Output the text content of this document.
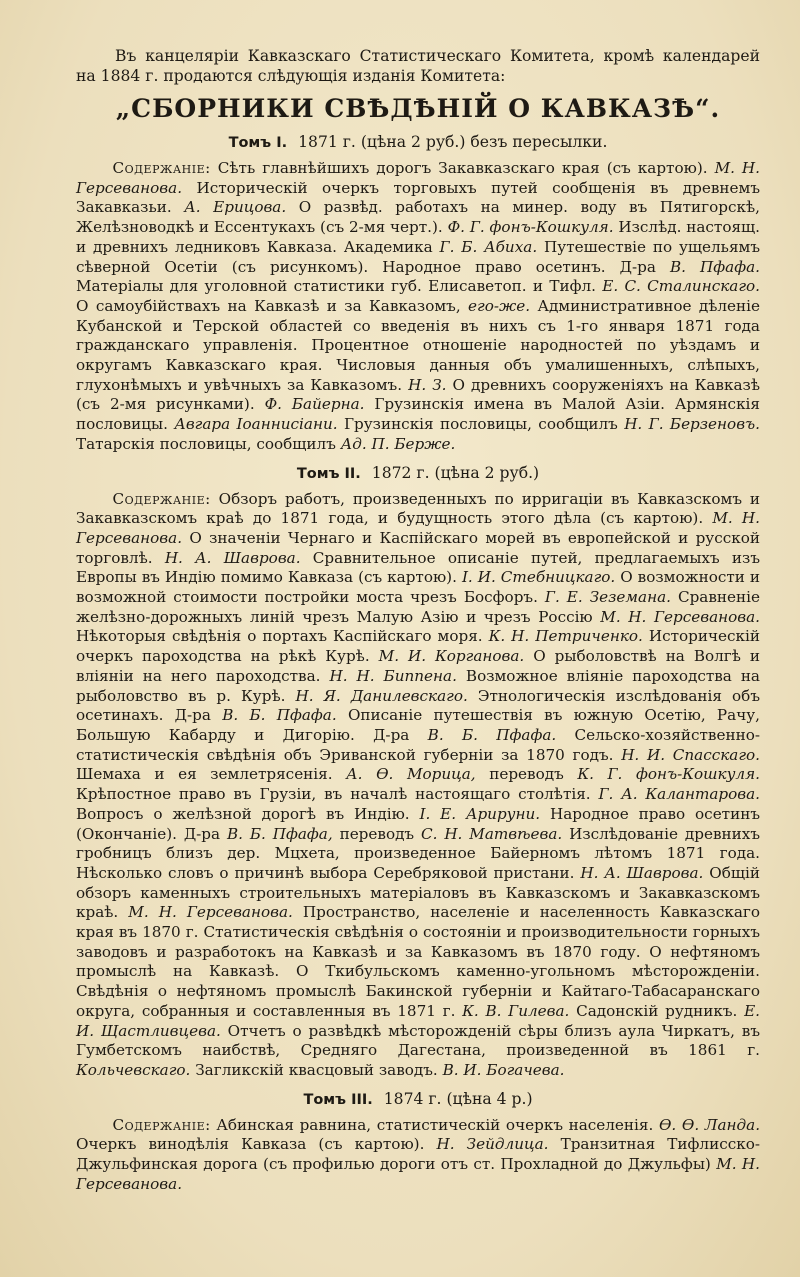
Въ канцеляріи Кавказскаго Статистическаго Комитета, кромѣ календарей на 1884 г. продаются слѣдующія изданія Комитета:

„СБОРНИКИ СВѢДѢНІЙ О КАВКАЗѢ“.
Томъ I. 1871 г. (цѣна 2 руб.) безъ пересылки.

Содержаніе: Сѣть главнѣйшихъ дорогъ Закавказскаго края (съ картою). М. Н. Герсеванова. Историческій очеркъ торговыхъ путей сообщенія въ древнемъ Закавказьи. А. Ерицова. О развѣд. работахъ на минер. воду въ Пятигорскѣ, Желѣзноводкѣ и Ессентукахъ (съ 2-мя черт.). Ф. Г. фонъ-Кошкуля. Изслѣд. настоящ. и древнихъ ледниковъ Кавказа. Академика Г. Б. Абиха. Путешествіе по ущельямъ сѣверной Осетіи (съ рисункомъ). Народное право осетинъ. Д-ра В. Пфафа. Матеріалы для уголовной статистики губ. Елисаветоп. и Тифл. Е. С. Сталинскаго. О самоубійствахъ на Кавказѣ и за Кавказомъ, его-же. Административное дѣленіе Кубанской и Терской областей со введенія въ нихъ съ 1-го января 1871 года гражданскаго управленія. Процентное отношеніе народностей по уѣздамъ и округамъ Кавказскаго края. Числовыя данныя объ умалишенныхъ, слѣпыхъ, глухонѣмыхъ и увѣчныхъ за Кавказомъ. Н. З. О древнихъ сооруженіяхъ на Кавказѣ (съ 2-мя рисунками). Ф. Байерна. Грузинскія имена въ Малой Азіи. Армянскія пословицы. Авгара Іоаннисіани. Грузинскія пословицы, сообщилъ Н. Г. Берзеновъ. Татарскія пословицы, сообщилъ Ад. П. Берже.

Томъ II. 1872 г. (цѣна 2 руб.)

Содержаніе: Обзоръ работъ, произведенныхъ по ирригаціи въ Кавказскомъ и Закавказскомъ краѣ до 1871 года, и будущность этого дѣла (съ картою). М. Н. Герсеванова. О значеніи Чернаго и Каспійскаго морей въ европейской и русской торговлѣ. Н. А. Шаврова. Сравнительное описаніе путей, предлагаемыхъ изъ Европы въ Индію помимо Кавказа (съ картою). І. И. Стебницкаго. О возможности и возможной стоимости постройки моста чрезъ Босфоръ. Г. Е. Зеземана. Сравненіе желѣзно-дорожныхъ линій чрезъ Малую Азію и чрезъ Россію М. Н. Герсеванова. Нѣкоторыя свѣдѣнія о портахъ Каспійскаго моря. К. Н. Петриченко. Историческій очеркъ пароходства на рѣкѣ Курѣ. М. И. Корганова. О рыболовствѣ на Волгѣ и вліяніи на него пароходства. Н. Н. Биппена. Возможное вліяніе пароходства на рыболовство въ р. Курѣ. Н. Я. Данилевскаго. Этнологическія изслѣдованія объ осетинахъ. Д-ра В. Б. Пфафа. Описаніе путешествія въ южную Осетію, Рачу, Большую Кабарду и Дигорію. Д-ра В. Б. Пфафа. Сельско-хозяйственно-статистическія свѣдѣнія объ Эриванской губерніи за 1870 годъ. Н. И. Спасскаго. Шемаха и ея землетрясенія. А. Ѳ. Морица, переводъ К. Г. фонъ-Кошкуля. Крѣпостное право въ Грузіи, въ началѣ настоящаго столѣтія. Г. А. Калантарова. Вопросъ о желѣзной дорогѣ въ Индію. І. Е. Арируни. Народное право осетинъ (Окончаніе). Д-ра В. Б. Пфафа, переводъ С. Н. Матвѣева. Изслѣдованіе древнихъ гробницъ близъ дер. Мцхета, произведенное Байерномъ лѣтомъ 1871 года. Нѣсколько словъ о причинѣ выбора Серебряковой пристани. Н. А. Шаврова. Общій обзоръ каменныхъ строительныхъ матеріаловъ въ Кавказскомъ и Закавказскомъ краѣ. М. Н. Герсеванова. Пространство, населеніе и населенность Кавказскаго края въ 1870 г. Статистическія свѣдѣнія о состояніи и производительности горныхъ заводовъ и разработокъ на Кавказѣ и за Кавказомъ въ 1870 году. О нефтяномъ промыслѣ на Кавказѣ. О Ткибульскомъ каменно-угольномъ мѣсторожденіи. Свѣдѣнія о нефтяномъ промыслѣ Бакинской губерніи и Кайтаго-Табасаранскаго округа, собранныя и составленныя въ 1871 г. К. В. Гилева. Садонскій рудникъ. Е. И. Щастливцева. Отчетъ о развѣдкѣ мѣсторожденій сѣры близъ аула Чиркатъ, въ Гумбетскомъ наибствѣ, Средняго Дагестана, произведенной въ 1861 г. Кольчевскаго. Загликскій квасцовый заводъ. В. И. Богачева.

Томъ III. 1874 г. (цѣна 4 р.)

Содержаніе: Абинская равнина, статистическій очеркъ населенія. Ѳ. Ѳ. Ланда. Очеркъ винодѣлія Кавказа (съ картою). Н. Зейдлица. Транзитная Тифлисско-Джульфинская дорога (съ профилью дороги отъ ст. Прохладной до Джульфы) М. Н. Герсеванова.
